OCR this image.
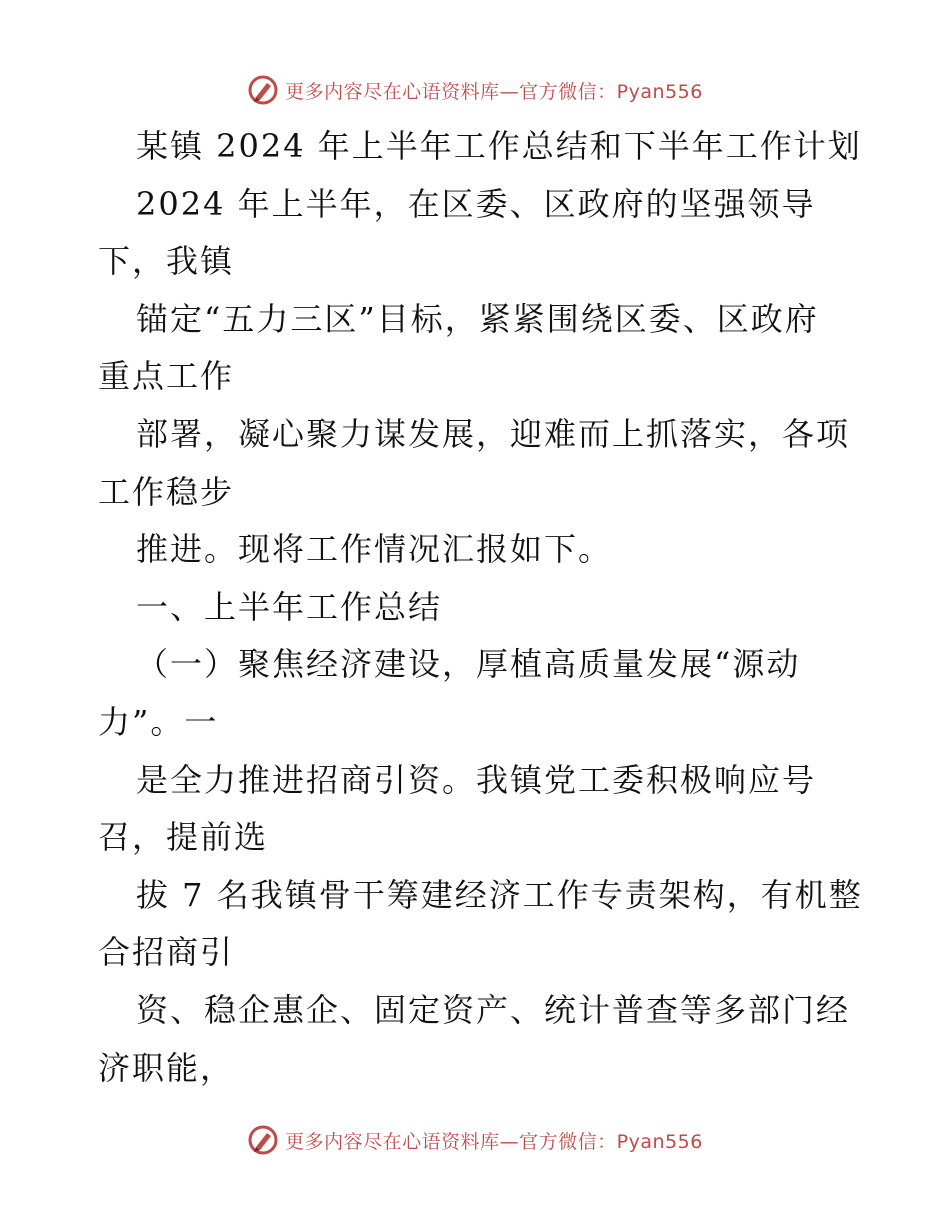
更多内容尽在心语资料库—官方微信：Pyan556
某镇 2024 年上半年工作总结和下半年工作计划
2024 年上半年，在区委、区政府的坚强领导
下，我镇
锚定“五力三区”目标，紧紧围绕区委、区政府
重点工作
部署，凝心聚力谋发展，迎难而上抓落实，各项
工作稳步
推进。现将工作情况汇报如下。
一、上半年工作总结
（一）聚焦经济建设，厚植高质量发展“源动
力”。一
是全力推进招商引资。我镇党工委积极响应号
召，提前选
拔 7 名我镇骨干筹建经济工作专责架构，有机整
合招商引
资、稳企惠企、固定资产、统计普查等多部门经
济职能，
更多内容尽在心语资料库—官方微信：Pyan556
